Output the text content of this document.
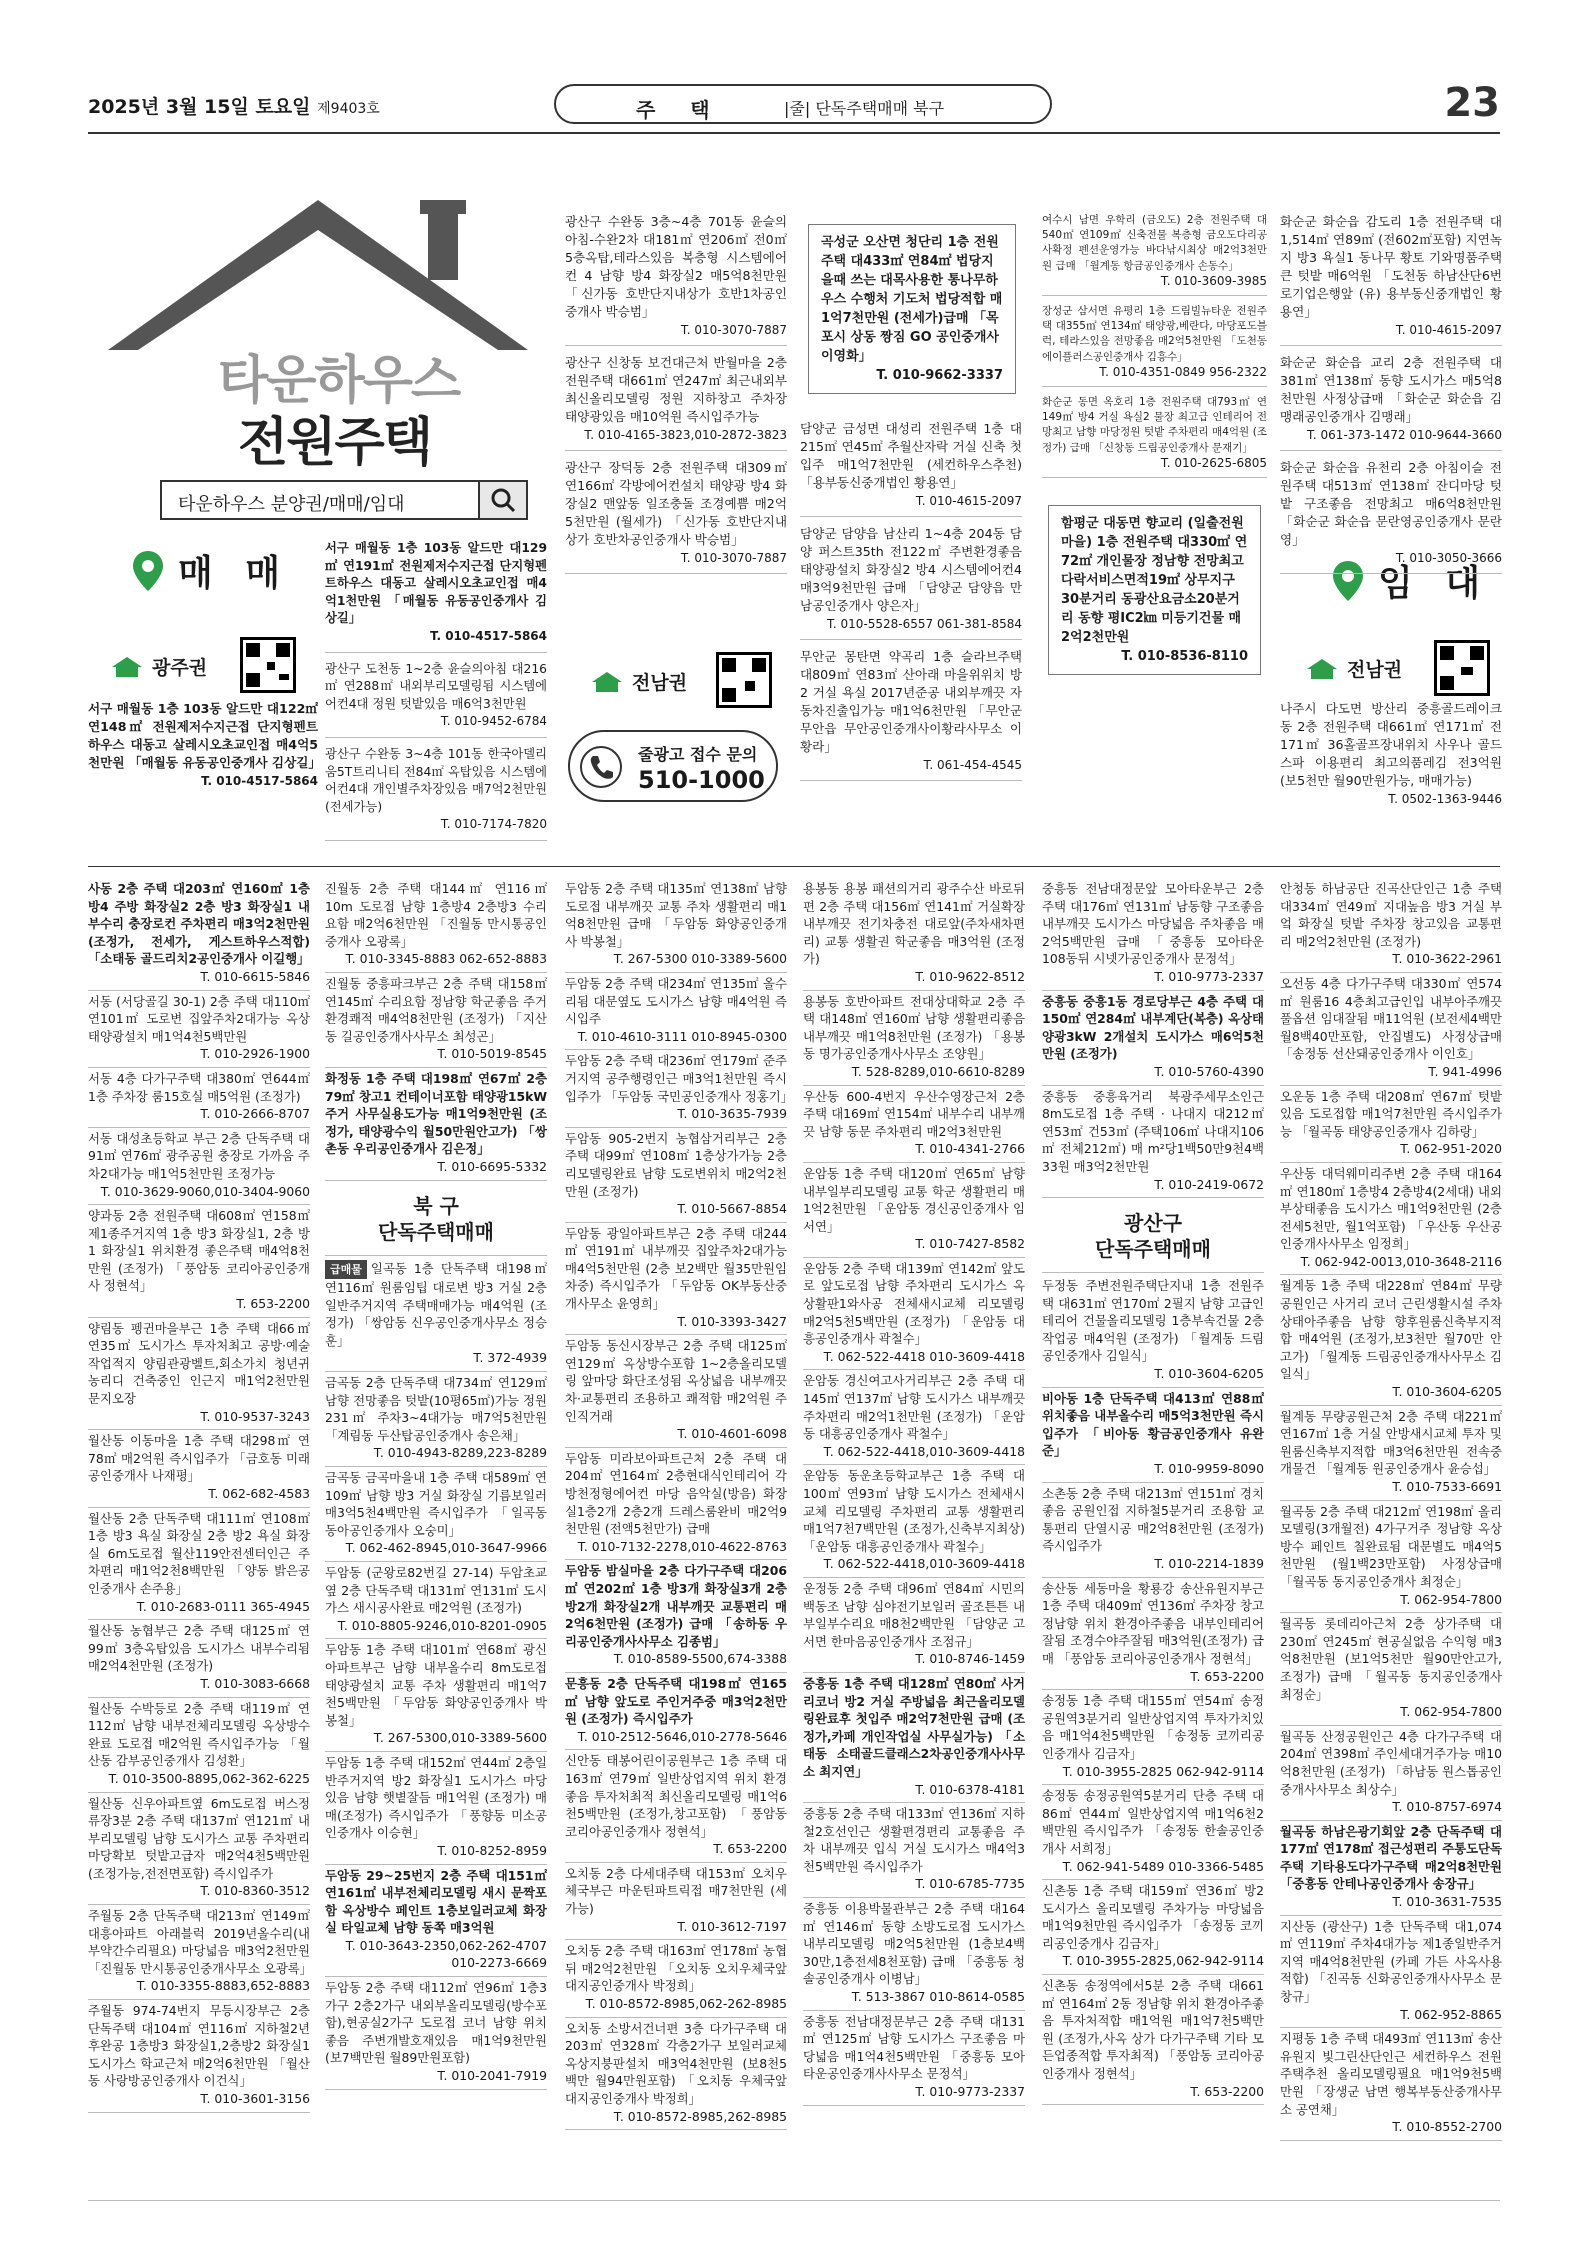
2025년 3월 15일 토요일 제9403호	주 택	|줄| 단독주택매매 북구	23
타운하우스
전원주택
타운하우스 분양권/매매/임대
매 매	임 대
광주권
전남권
전남권
줄광고 접수 문의
510-1000
서구 매월동 1층 103동 알드만 대122㎡ 연148㎡ 전원제저수지근접 단지형펜트하우스 대동고 살레시오초교인접 매4억5천만원 「매월동 유동공인중개사 김상길」
T. 010-4517-5864
서구 매월동 1층 103동 알드만 대129㎡ 연191㎡ 전원제저수지근접 단지형펜트하우스 대동고 살레시오초교인접 매4억1천만원 「매월동 유동공인중개사 김상길」
T. 010-4517-5864
광산구 도천동 1~2층 윤슬의아침 대216㎡ 연288㎡ 내외부리모델링됨 시스템에어컨4대 정원 텃밭있음 매6억3천만원
T. 010-9452-6784
광산구 수완동 3~4층 101동 한국아델리움5T트리니티 전84㎡ 옥탑있음 시스템에어컨4대 개인별주차장있음 매7억2천만원 (전세가능)
T. 010-7174-7820
광산구 수완동 3층~4층 701동 윤슬의아침-수완2차 대181㎡ 연206㎡ 전0㎡ 5층옥탑,테라스있음 복층형 시스템에어컨 4 남향 방4 화장실2 매5억8천만원 「신가동 호반단지내상가 호반1차공인중개사 박승범」
T. 010-3070-7887
광산구 신창동 보건대근처 반월마을 2층 전원주택 대661㎡ 연247㎡ 최근내외부최신올리모델링 정원 지하창고 주차장 태양광있음 매10억원 즉시입주가능
T. 010-4165-3823,010-2872-3823
광산구 장덕동 2층 전원주택 대309㎡ 연166㎡ 각방에어컨설치 태양광 방4 화장실2 맨앞동 일조충돌 조경예쁨 매2억5천만원 (월세가) 「신가동 호반단지내상가 호반차공인중개사 박승범」
T. 010-3070-7887
곡성군 오산면 청단리 1층 전원주택 대433㎡ 연84㎡ 법당지을때 쓰는 대목사용한 통나무하우스 수행처 기도처 법당적합 매1억7천만원 (전세가)급매 「목포시 상동 짱짐 GO 공인중개사 이영화」
T. 010-9662-3337
담양군 금성면 대성리 전원주택 1층 대215㎡ 연45㎡ 추월산자락 거실 신축 첫입주 매1억7천만원 (세컨하우스추천) 「용부동신중개법인 황용연」
T. 010-4615-2097
담양군 담양읍 남산리 1~4층 204동 담양 퍼스트35th 전122㎡ 주변환경좋음 태양광설치 화장실2 방4 시스템에어컨4 매3억9천만원 급매 「담양군 담양읍 만남공인중개사 양은자」
T. 010-5528-6557 061-381-8584
무안군 몽탄면 약곡리 1층 슬라브주택 대809㎡ 연83㎡ 산아래 마을위위치 방2 거실 욕실 2017년준공 내외부깨끗 자동차진출입가능 매1억6천만원 「무안군 무안읍 무안공인중개사이황라사무소 이황라」
T. 061-454-4545
여수시 남면 우학리 (금오도) 2층 전원주택 대540㎡ 연109㎡ 신축전물 복층형 금오도다리공사확정 펜션운영가능 바다낚시최상 매2억3천만원 급매 「월계동 항금공인중개사 손동수」
T. 010-3609-3985
장성군 삼서면 유평리 1층 드림빌뉴타운 전원주택 대355㎡ 연134㎡ 태양광,베란다, 마당포도블럭, 테라스있음 전망좋음 매2억5천만원 「도천동 에이플러스공인중개사 김흥수」
T. 010-4351-0849 956-2322
화순군 동면 옥호리 1층 전원주택 대793㎡ 연149㎡ 방4 거실 욕실2 물장 최고급 인테리어 전망최고 남향 마당정원 텃밭 주차편리 매4억원 (조정가) 급매 「신창동 드림공인중개사 문재기」
T. 010-2625-6805
함평군 대동면 향교리 (일출전원마을) 1층 전원주택 대330㎡ 연72㎡ 개인물장 정남향 전망최고 다락서비스면적19㎡ 상무지구30분거리 동광산요금소20분거리 동향 평IC2㎞ 미등기건물 매2억2천만원
T. 010-8536-8110
화순군 화순읍 감도리 1층 전원주택 대1,514㎡ 연89㎡ (전602㎡포함) 지연녹지 방3 욕실1 동나무 황토 기와명품주택 큰 텃밭 매6억원 「도천동 하남산단6번로기업은행앞 (유) 용부동신중개법인 황용연」
T. 010-4615-2097
화순군 화순읍 교리 2층 전원주택 대381㎡ 연138㎡ 동향 도시가스 매5억8천만원 사정상급매 「화순군 화순읍 김맹래공인중개사 김맹래」
T. 061-373-1472 010-9644-3660
화순군 화순읍 유천리 2층 아침이슬 전원주택 대513㎡ 연138㎡ 잔디마당 텃밭 구조좋음 전망최고 매6억8천만원 「화순군 화순읍 문란영공인중개사 문란영」
T. 010-3050-3666
나주시 다도면 방산리 중흥골드레이크 동 2층 전원주택 대661㎡ 연171㎡ 전171㎡ 36홀골프장내위치 사우나 골드스파 이용편리 최고의품레김 전3억원 (보5천만 월90만원가능, 매매가능)
T. 0502-1363-9446

사동 2층 주택 대203㎡ 연160㎡ 1층 방4 주방 화장실2 2층 방3 화장실1 내부수리 충장로컨 주차편리 매3억2천만원 (조정가, 전세가, 게스트하우스적합) 「소태동 골드리치2공인중개사 이길행」
T. 010-6615-5846

서동 (서당골길 30-1) 2층 주택 대110㎡ 연101㎡ 도로변 집앞주차2대가능 옥상태양광설치 매1억4천5백만원
T. 010-2926-1900

서동 4층 다가구주택 대380㎡ 연644㎡ 1층 주차장 룸15호실 매5억원 (조정가)
T. 010-2666-8707

서동 대성초등학교 부근 2층 단독주택 대91㎡ 연76㎡ 광주공원 충장로 가까움 주차2대가능 매1억5천만원 조정가능
T. 010-3629-9060,010-3404-9060

양과동 2층 전원주택 대608㎡ 연158㎡ 제1종주거지역 1층 방3 화장실1, 2층 방1 화장실1 위치환경 좋은주택 매4억8천만원 (조정가) 「풍암동 코리아공인중개사 정현석」
T. 653-2200

양림동 펭귄마을부근 1층 주택 대66㎡ 연35㎡ 도시가스 투자처최고 공방·예술작업적지 양림관광벨트,회소가치 청년귀농리디 건축중인 인근지 매1억2천만원 문지오장
T. 010-9537-3243

월산동 이동마을 1층 주택 대298㎡ 연78㎡ 매2억원 즉시입주가 「금호동 미래공인중개사 나재평」
T. 062-682-4583

월산동 2층 단독주택 대111㎡ 연108㎡ 1층 방3 욕실 화장실 2층 방2 욕실 화장실 6m도로접 월산119안전센터인근 주차편리 매1억2천8백만원 「양동 밝은공인중개사 손주용」
T. 010-2683-0111 365-4945

월산동 농협부근 2층 주택 대125㎡ 연99㎡ 3층옥탑있음 도시가스 내부수리됨 매2억4천만원 (조정가)
T. 010-3083-6668

월산동 수박등로 2층 주택 대119㎡ 연112㎡ 남향 내부전체리모델링 옥상방수완료 도로접 매2억원 즉시입주가능 「월산동 감부공인중개사 김성환」
T. 010-3500-8895,062-362-6225

월산동 신우아파트옆 6m도로접 버스정류장3분 2층 주택 대137㎡ 연121㎡ 내부리모델링 남향 도시가스 교통 주차편리 마당확보 텃밭고급자 매2억4천5백만원 (조정가능,전전면포함) 즉시입주가
T. 010-8360-3512

주월동 2층 단독주택 대213㎡ 연149㎡ 대흥아파트 아래블럭 2019년올수리(내부약간수리필요) 마당넓음 매3억2천만원 「진월동 만시통공인중개사무소 오광록」
T. 010-3355-8883,652-8883

주월동 974-74번지 무등시장부근 2층 단독주택 대104㎡ 연116㎡ 지하철2년후완공 1층방3 화장실1,2층방2 화장실1 도시가스 학교근처 매2억6천만원 「월산동 사랑방공인중개사 이건식」
T. 010-3601-3156

진월동 2층 주택 대144㎡ 연116㎡ 10m 도로접 남향 1층방4 2층방3 수리요함 매2억6천만원 「진월동 만시통공인중개사 오광록」
T. 010-3345-8883 062-652-8883

진월동 중흥파크부근 2층 주택 대158㎡ 연145㎡ 수리요함 정남향 학군좋음 주거환경쾌적 매4억8천만원 (조정가) 「지산동 길공인중개사사무소 최성곤」
T. 010-5019-8545

화정동 1층 주택 대198㎡ 연67㎡ 2층 79㎡ 창고1 컨테이너포함 태양광15kW 주거 사무실용도가능 매1억9천만원 (조정가, 태양광수익 월50만원안고가) 「쌍촌동 우리공인중개사 김은정」
T. 010-6695-5332

북 구
단독주택매매

급매물 일곡동 1층 단독주택 대198㎡ 연116㎡ 원룸임팁 대로변 방3 거실 2층일반주거지역 주택매매가능 매4억원 (조정가) 「쌍암동 신우공인중개사무소 정승훈」
T. 372-4939

금곡동 2층 단독주택 대734㎡ 연129㎡ 남향 전망좋음 텃밭(10평65㎡)가능 정원 231㎡ 주차3~4대가능 매7억5천만원 「계림동 두산탑공인중개사 송은채」
T. 010-4943-8289,223-8289

금곡동 금곡마을내 1층 주택 대589㎡ 연109㎡ 남향 방3 거실 화장실 기름보일러 매3억5천4백만원 즉시입주가 「일곡동 동아공인중개사 오숭미」
T. 062-462-8945,010-3647-9966

두암동 (군왕로82번길 27-14) 두암초교 옆 2층 단독주택 대131㎡ 연131㎡ 도시가스 새시공사완료 매2억원 (조정가)
T. 010-8805-9246,010-8201-0905

두암동 1층 주택 대101㎡ 연68㎡ 광신아파트부근 남향 내부올수리 8m도로접 태양광설치 교통 주차 생활편리 매1억7천5백만원 「두암동 화양공인중개사 박봉철」
T. 267-5300,010-3389-5600

두암동 1층 주택 대152㎡ 연44㎡ 2층일반주거지역 방2 화장실1 도시가스 마당있음 남향 햇볕잘듬 매1억원 (조정가) 매매(조정가) 즉시입주가 「풍향동 미소공인중개사 이승현」
T. 010-8252-8959

두암동 29~25번지 2층 주택 대151㎡ 연161㎡ 내부전체리모델링 새시 문짝포함 옥상방수 페인트 1층보일러교체 화장실 타일교체 남향 동쪽 매3억원
T. 010-3643-2350,062-262-4707 010-2273-6669

두암동 2층 주택 대112㎡ 연96㎡ 1층3가구 2층2가구 내외부올리모델링(방수포함),현공실2가구 도로접 코너 남향 위치좋음 주변개발호재있음 매1억9천만원 (보7백만원 월89만원포함)
T. 010-2041-7919

두암동 2층 주택 대135㎡ 연138㎡ 남향 도로접 내부깨끗 교통 주차 생활편리 매1억8천만원 급매 「두암동 화양공인중개사 박봉철」
T. 267-5300 010-3389-5600

두암동 2층 주택 대234㎡ 연135㎡ 올수리됨 대문옆도 도시가스 남향 매4억원 즉시입주
T. 010-4610-3111 010-8945-0300

두암동 2층 주택 대236㎡ 연179㎡ 준주거지역 공주행령인근 매3억1천만원 즉시입주가 「두암동 국민공인중개사 정홍기」
T. 010-3635-7939

두암동 905-2번지 농협삼거리부근 2층 주택 대99㎡ 연108㎡ 1층상가가능 2층리모델링완료 남향 도로변위치 매2억2천만원 (조정가)
T. 010-5667-8854

두암동 광일아파트부근 2층 주택 대244㎡ 연191㎡ 내부깨끗 집앞주차2대가능 매4억5천만원 (2층 보2백만 월35만원임차중) 즉시입주가 「두암동 OK부동산중개사무소 윤영희」
T. 010-3393-3427

두암동 동신시장부근 2층 주택 대125㎡ 연129㎡ 옥상방수포함 1~2층올리모델링 앞마당 화단조성됨 옥상넓음 내부깨끗 차·교통편리 조용하고 쾌적함 매2억원 주인직거래
T. 010-4601-6098

두암동 미라보아파트근처 2층 주택 대204㎡ 연164㎡ 2층현대식인테리어 각방천정형에어컨 마당 음악실(방음) 화장실1층2개 2층2개 드레스룸완비 매2억9천만원 (전액5천만가) 급매
T. 010-7132-2278,010-4622-8763

두암동 밤실마을 2층 다가구주택 대206㎡ 연202㎡ 1층 방3개 화장실3개 2층방2개 화장실2개 내부깨끗 교통편리 매2억6천만원 (조정가) 급매 「송하동 우리공인중개사사무소 김종범」
T. 010-8589-5500,674-3388

문흥동 2층 단독주택 대198㎡ 연165㎡ 남향 앞도로 주인거주중 매3억2천만원 (조정가) 즉시입주가
T. 010-2512-5646,010-2778-5646

신안동 태봉어린이공원부근 1층 주택 대163㎡ 연79㎡ 일반상업지역 위치 환경좋음 투자처최적 최신올리모델링 매1억6천5백만원 (조정가,창고포함) 「풍암동 코리아공인중개사 정현석」
T. 653-2200

오치동 2층 다세대주택 대153㎡ 오치우체국부근 마운틴파트릭접 매7천만원 (세가능)
T. 010-3612-7197

오치동 2층 주택 대163㎡ 연178㎡ 농협뒤 매2억2천만원 「오치동 오치우체국앞 대지공인중개사 박정희」
T. 010-8572-8985,062-262-8985

오치동 소방서건너편 3층 다가구주택 대203㎡ 연328㎡ 각층2가구 보일러교체 옥상지붕판설치 매3억4천만원 (보8천5백만 월94만원포함) 「오치동 우체국앞 대지공인중개사 박정희」
T. 010-8572-8985,262-8985

용봉동 용봉 패션의거리 광주수산 바로뒤편 2층 주택 대156㎡ 연141㎡ 거실확장 내부깨끗 전기차충전 대로앞(주차새차편리) 교통 생활권 학군좋음 매3억원 (조정가)
T. 010-9622-8512

용봉동 호반아파트 전대상대학교 2층 주택 대148㎡ 연160㎡ 남향 생활편리좋음 내부깨끗 매1억8천만원 (조정가) 「용봉동 명가공인중개사사무소 조양원」
T. 528-8289,010-6610-8289

우산동 600-4번지 우산수영장근처 2층 주택 대169㎡ 연154㎡ 내부수리 내부깨끗 남향 동문 주차편리 매2억3천만원
T. 010-4341-2766

운암동 1층 주택 대120㎡ 연65㎡ 남향 내부일부리모델링 교통 학군 생활편리 매1억2천만원 「운암동 경신공인중개사 임서연」
T. 010-7427-8582

운암동 2층 주택 대139㎡ 연142㎡ 앞도로 앞도로접 남향 주차편리 도시가스 옥상활판1와사공 전체새시교체 리모델링 매2억5천5백만원 (조정가) 「운암동 대흥공인중개사 곽철수」
T. 062-522-4418 010-3609-4418

운암동 경신여고사거리부근 2층 주택 대145㎡ 연137㎡ 남향 도시가스 내부깨끗 주차편리 매2억1천만원 (조정가) 「운암동 대흥공인중개사 곽철수」
T. 062-522-4418,010-3609-4418

운암동 동운초등학교부근 1층 주택 대100㎡ 연93㎡ 남향 도시가스 전체새시교체 리모델링 주차편리 교통 생활편리 매1억7천7백만원 (조정가,신축부지최상) 「운암동 대흥공인중개사 곽철수」
T. 062-522-4418,010-3609-4418

운정동 2층 주택 대96㎡ 연84㎡ 시민의 백동조 남향 심야전기보일러 골조튼튼 내부일부수리요 매8천2백만원 「담양군 고서면 한마음공인중개사 조점규」
T. 010-8746-1459

중흥동 1층 주택 대128㎡ 연80㎡ 사거리코너 방2 거실 주방넓음 최근올리모델링완료후 첫입주 매2억7천만원 급매 (조정가,카페 개인작업실 사무실가능) 「소태동 소태골드클래스2차공인중개사사무소 최지연」
T. 010-6378-4181

중흥동 2층 주택 대133㎡ 연136㎡ 지하철2호선인근 생활편경편리 교통좋음 주차 내부깨끗 입식 거실 도시가스 매4억3천5백만원 즉시입주가
T. 010-6785-7735

중흥동 이용박물관부근 2층 주택 대164㎡ 연146㎡ 동향 소방도로접 도시가스 내부리모델링 매2억5천만원 (1층보4백30만,1층전세8천포함) 급매 「중흥동 청솔공인중개사 이병남」
T. 513-3867 010-8614-0585

중흥동 전남대정문부근 2층 주택 대131㎡ 연125㎡ 남향 도시가스 구조좋음 마당넓음 매1억4천5백만원 「중흥동 모아타운공인중개사사무소 문정석」
T. 010-9773-2337

중흥동 전남대정문앞 모아타운부근 2층 주택 대176㎡ 연131㎡ 남동향 구조좋음 내부깨끗 도시가스 마당넓음 주차좋음 매2억5백만원 급매 「중흥동 모아타운 108동뒤 시넷가공인중개사 문정석」
T. 010-9773-2337

중흥동 중흥1동 경로당부근 4층 주택 대150㎡ 연284㎡ 내부계단(복층) 옥상태양광3kW 2개설치 도시가스 매6억5천만원 (조정가)
T. 010-5760-4390

중흥동 중흥육거리 북광주세무소인근 8m도로접 1층 주택 · 나대지 대212㎡ 연53㎡ 건53㎡ (주택106㎡ 나대지106㎡ 전체212㎡) 매 m²당1백50만9천4백33원 매3억2천만원
T. 010-2419-0672

광산구
단독주택매매

두정동 주변전원주택단지내 1층 전원주택 대631㎡ 연170㎡ 2필지 남향 고급인테리어 건물올리모델링 1층부속건물 2층작업공 매4억원 (조정가) 「월계동 드림공인중개사 김일식」
T. 010-3604-6205

비아동 1층 단독주택 대413㎡ 연88㎡ 위치좋음 내부올수리 매5억3천만원 즉시입주가 「비아동 황금공인중개사 유완준」
T. 010-9959-8090

소촌동 2층 주택 대213㎡ 연151㎡ 경치좋음 공원인접 지하철5분거리 조용함 교통편리 단열시공 매2억8천만원 (조정가) 즉시입주가
T. 010-2214-1839

송산동 세동마을 황룡강 송산유원지부근 1층 주택 대409㎡ 연136㎡ 주차장 창고 정남향 위치 환경아주좋음 내부인테리어잘됨 조경수야주잘됨 매3억원(조정가) 급매 「풍암동 코리아공인중개사 정현석」
T. 653-2200

송정동 1층 주택 대155㎡ 연54㎡ 송정공원역3분거리 일반상업지역 투자가치있음 매1억4천5백만원 「송정동 코끼리공인중개사 김금자」
T. 010-3955-2825 062-942-9114

송정동 송정공원역5분거리 단층 주택 대86㎡ 연44㎡ 일반상업지역 매1억6천2백만원 즉시입주가 「송정동 한솔공인중개사 서희정」
T. 062-941-5489 010-3366-5485

신촌동 1층 주택 대159㎡ 연36㎡ 방2 도시가스 올리모델링 주차가능 마당넓음 매1억9천만원 즉시입주가 「송정동 코끼리공인중개사 김금자」
T. 010-3955-2825,062-942-9114

신촌동 송정역에서5분 2층 주택 대661㎡ 연164㎡ 2동 정남향 위치 환경아주좋음 투자처적합 매1억원 매1억7천5백만원 (조정가,사옥 상가 다가구주택 기타 모든업종적합 투자최적) 「풍암동 코리아공인중개사 정현석」
T. 653-2200

안청동 하남공단 진곡산단인근 1층 주택 대334㎡ 연49㎡ 지대높음 방3 거실 부엌 화장실 텃밭 주차장 창고있음 교통편리 매2억2천만원 (조정가)
T. 010-3622-2961

오선동 4층 다가구주택 대330㎡ 연574㎡ 원룸16 4층최고급인입 내부아주깨끗 풀옵션 임대잘됨 매11억원 (보전세4백만 월8백40만포함, 안집별도) 사정상급매 「송정동 선산돼공인중개사 이인호」
T. 941-4996

오운동 1층 주택 대208㎡ 연67㎡ 텃밭있음 도로접합 매1억7천만원 즉시입주가능 「월곡동 태양공인중개사 김하랑」
T. 062-951-2020

우산동 대덕웨미리주변 2층 주택 대164㎡ 연180㎡ 1층방4 2층방4(2세대) 내외부상태좋음 도시가스 매1억9천만원 (2층전세5천만, 월1억포함) 「우산동 우산공인중개사사무소 임정희」
T. 062-942-0013,010-3648-2116

월계동 1층 주택 대228㎡ 연84㎡ 무량공원인근 사거리 코너 근린생활시설 주차 상태아주좋음 남향 향후원룸신축부지적합 매4억원 (조정가,보3천만 월70만 안고가) 「월계동 드림공인중개사사무소 김일식」
T. 010-3604-6205

월계동 무량공원근처 2층 주택 대221㎡ 연167㎡ 1층 거실 안방새시교체 투자 및 원룸신축부지적합 매3억6천만원 전속중개물건 「월계동 원공인중개사 윤승섭」
T. 010-7533-6691

월곡동 2층 주택 대212㎡ 연198㎡ 올리모델링(3개월전) 4가구거주 정남향 옥상방수 페인트 칠완료됨 대문별도 매4억5천만원 (월1백23만포함) 사정상급매 「월곡동 동지공인중개사 최정순」
T. 062-954-7800

월곡동 롯데리아근처 2층 상가주택 대230㎡ 연245㎡ 현공실없음 수익형 매3억8천만원 (보1억5천만 월90만안고가, 조정가) 급매 「월곡동 동지공인중개사 최정순」
T. 062-954-7800

월곡동 산정공원인근 4층 다가구주택 대204㎡ 연398㎡ 주인세대거주가능 매10억8천만원 (조정가) 「하남동 원스톱공인중개사사무소 최상수」
T. 010-8757-6974

월곡동 하남은광기회앞 2층 단독주택 대177㎡ 연178㎡ 접근성편리 주통도단독주택 기타용도다가구주택 매2억8천만원 「중흥동 안테나공인중개사 송장규」
T. 010-3631-7535

지산동 (광산구) 1층 단독주택 대1,074㎡ 연119㎡ 주차4대가능 제1종일반주거지역 매4억8천만원 (카페 가든 사옥사용적합) 「진곡동 신화공인중개사사무소 문창규」
T. 062-952-8865

지평동 1층 주택 대493㎡ 연113㎡ 송산유원지 빛그린산단인근 세컨하우스 전원주택추천 올리모델링필요 매1억9천5백만원 「장생군 남면 행복부동산중개사무소 공연채」
T. 010-8552-2700
